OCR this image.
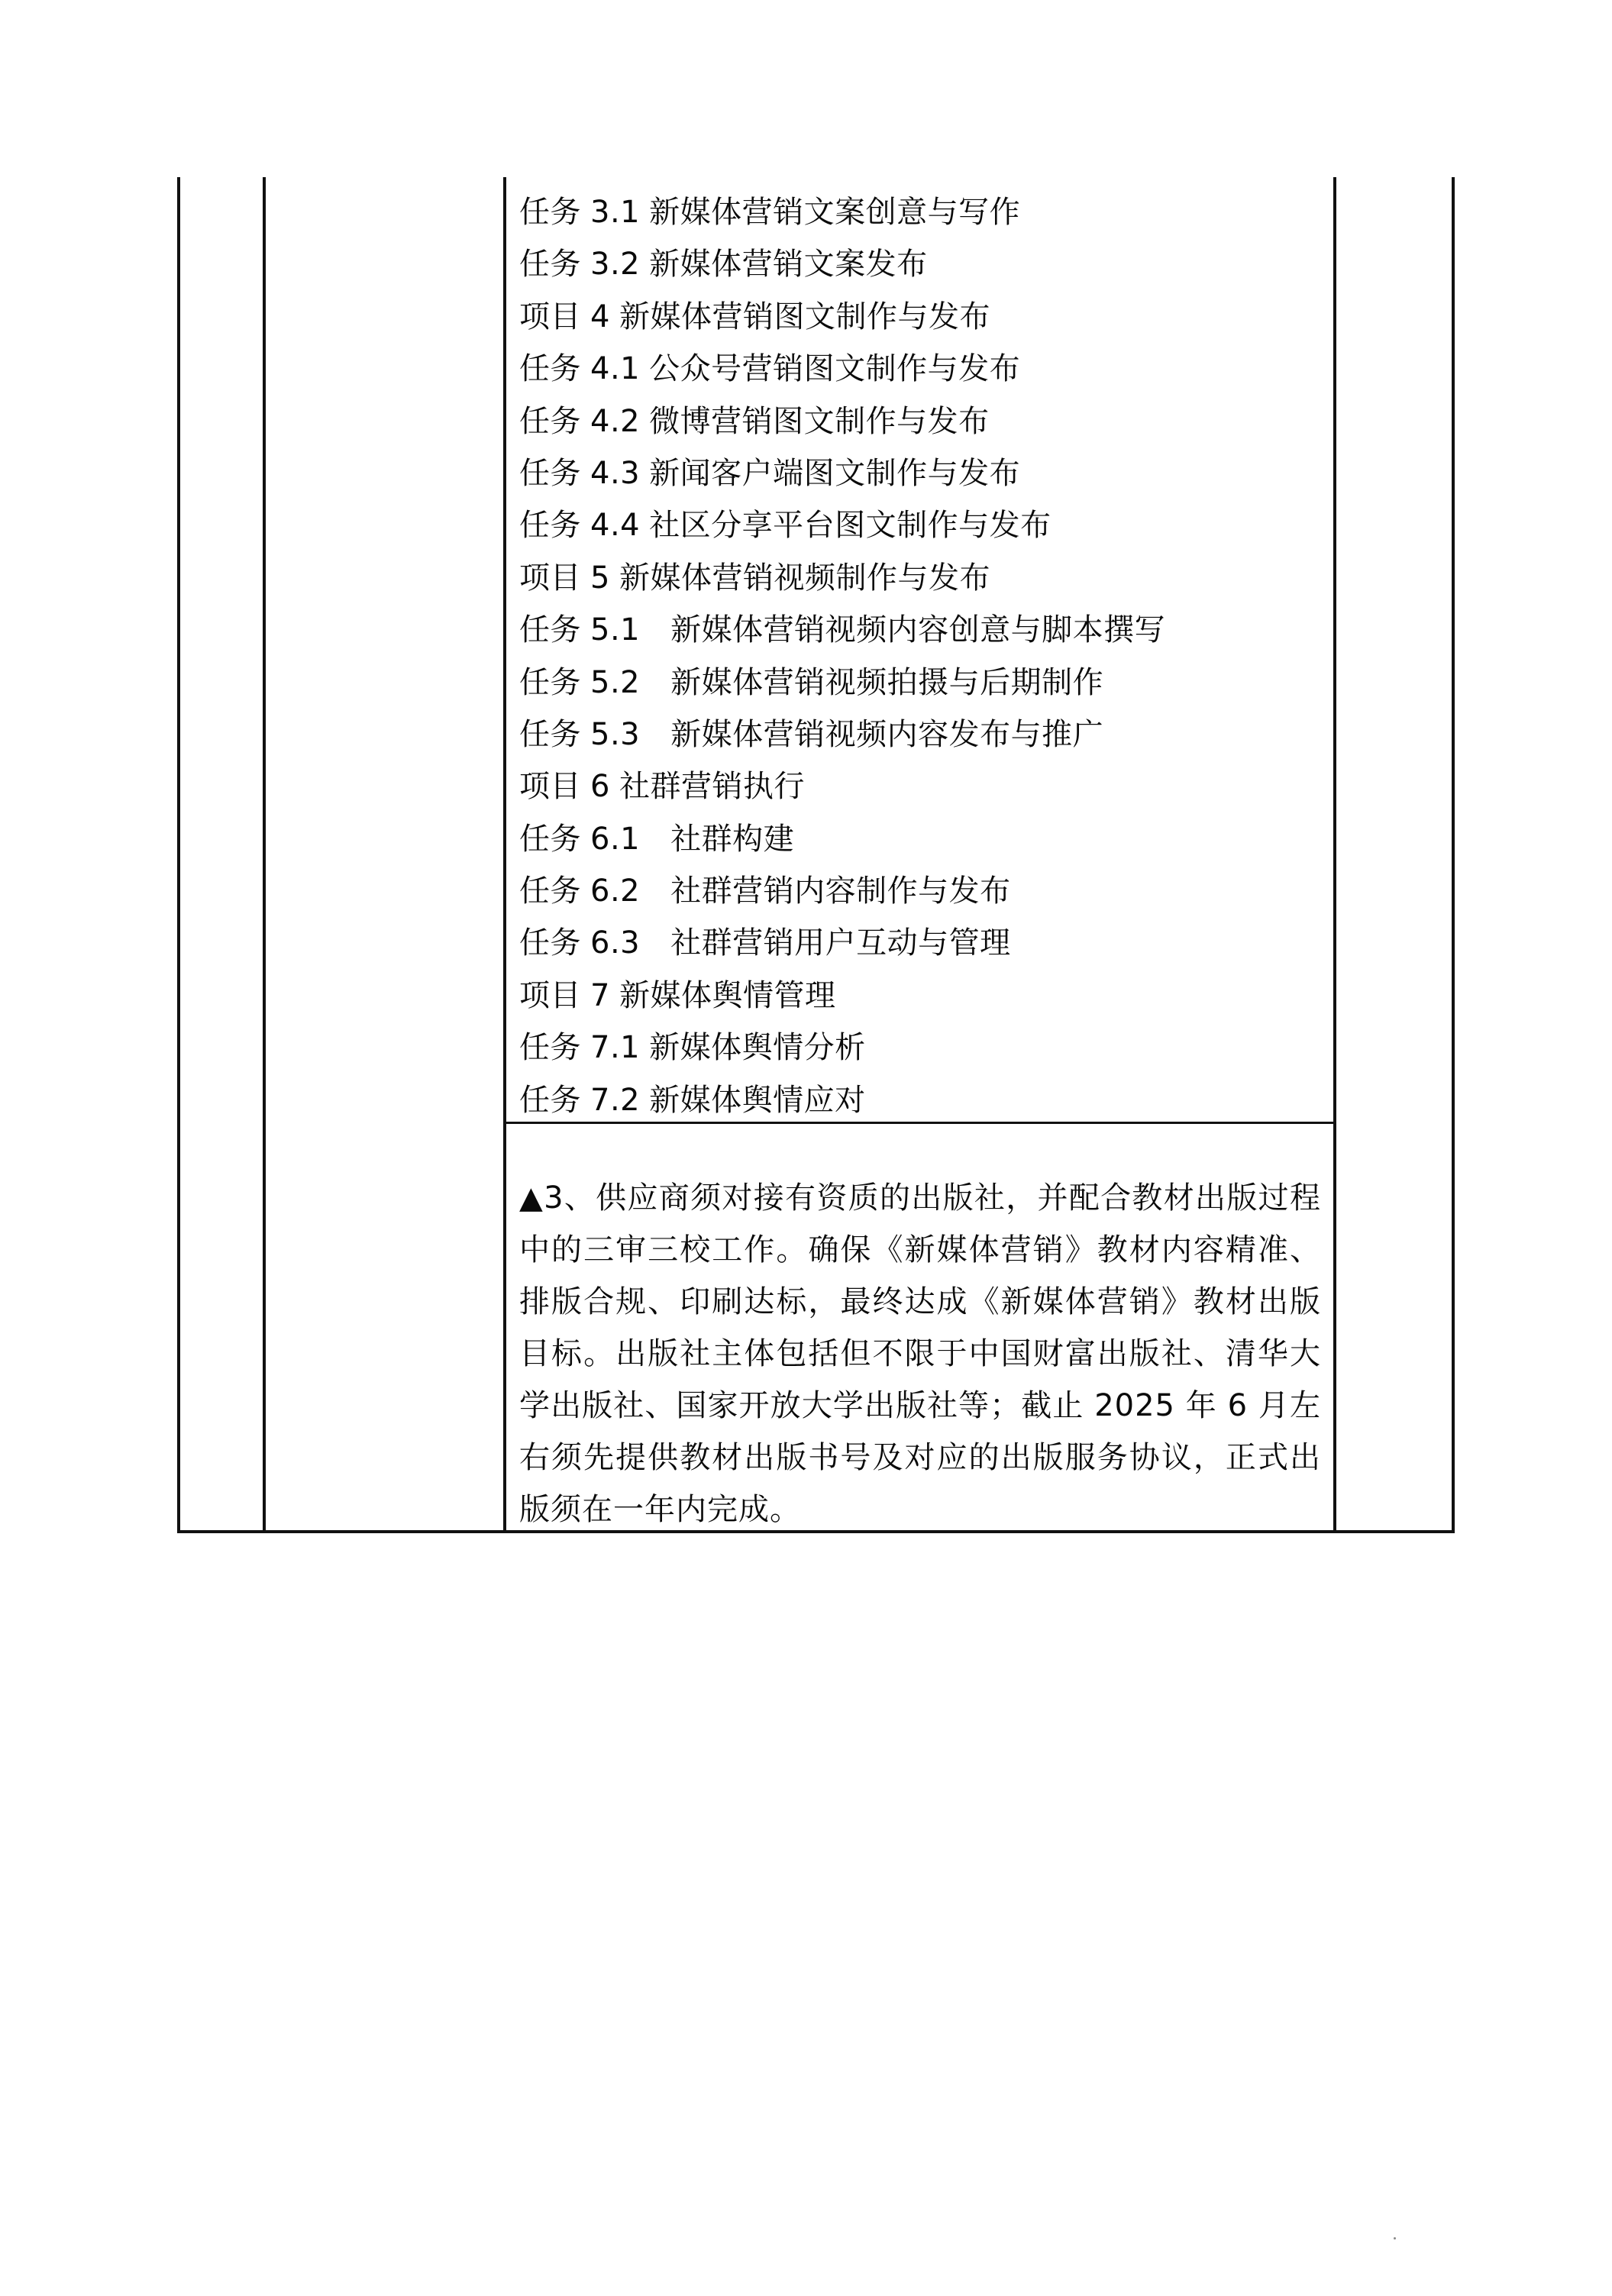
任务 3.1 新媒体营销文案创意与写作
任务 3.2 新媒体营销文案发布
项目 4 新媒体营销图文制作与发布
任务 4.1 公众号营销图文制作与发布
任务 4.2 微博营销图文制作与发布
任务 4.3 新闻客户端图文制作与发布
任务 4.4 社区分享平台图文制作与发布
项目 5 新媒体营销视频制作与发布
任务 5.1 新媒体营销视频内容创意与脚本撰写
任务 5.2 新媒体营销视频拍摄与后期制作
任务 5.3 新媒体营销视频内容发布与推广
项目 6 社群营销执行
任务 6.1 社群构建
任务 6.2 社群营销内容制作与发布
任务 6.3 社群营销用户互动与管理
项目 7 新媒体舆情管理
任务 7.1 新媒体舆情分析
任务 7.2 新媒体舆情应对

▲3、供应商须对接有资质的出版社，并配合教材出版过程中的三审三校工作。确保《新媒体营销》教材内容精准、排版合规、印刷达标，最终达成《新媒体营销》教材出版目标。出版社主体包括但不限于中国财富出版社、清华大学出版社、国家开放大学出版社等；截止 2025 年 6 月左右须先提供教材出版书号及对应的出版服务协议，正式出版须在一年内完成。
